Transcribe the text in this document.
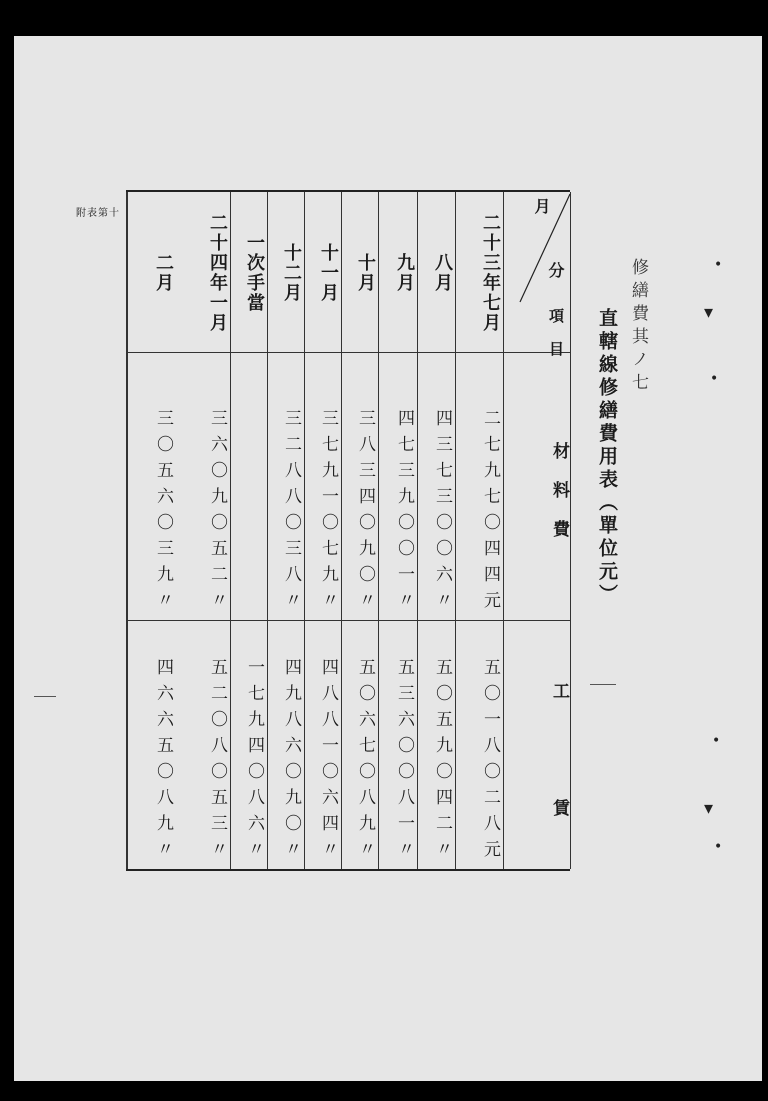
附表第十
修繕費其ノ七
直轄線修繕費用表（單位元）
月
分
項目
材料費
工賃
二十三年七月
八月
九月
十月
十一月
十二月
一次手當
二十四年一月
二月
二七九七〇四四元
四三七三〇〇六〃
四七三九〇〇一〃
三八三四〇九〇〃
三七九一〇七九〃
三二八八〇三八〃
三六〇九〇五二〃
三〇五六〇三九〃
五〇一八〇二八元
五〇五九〇四二〃
五三六〇〇八一〃
五〇六七〇八九〃
四八八一〇六四〃
四九八六〇九〇〃
一七九四〇八六〃
五二〇八〇五三〃
四六六五〇八九〃
•
▾
•
•
▾
•
